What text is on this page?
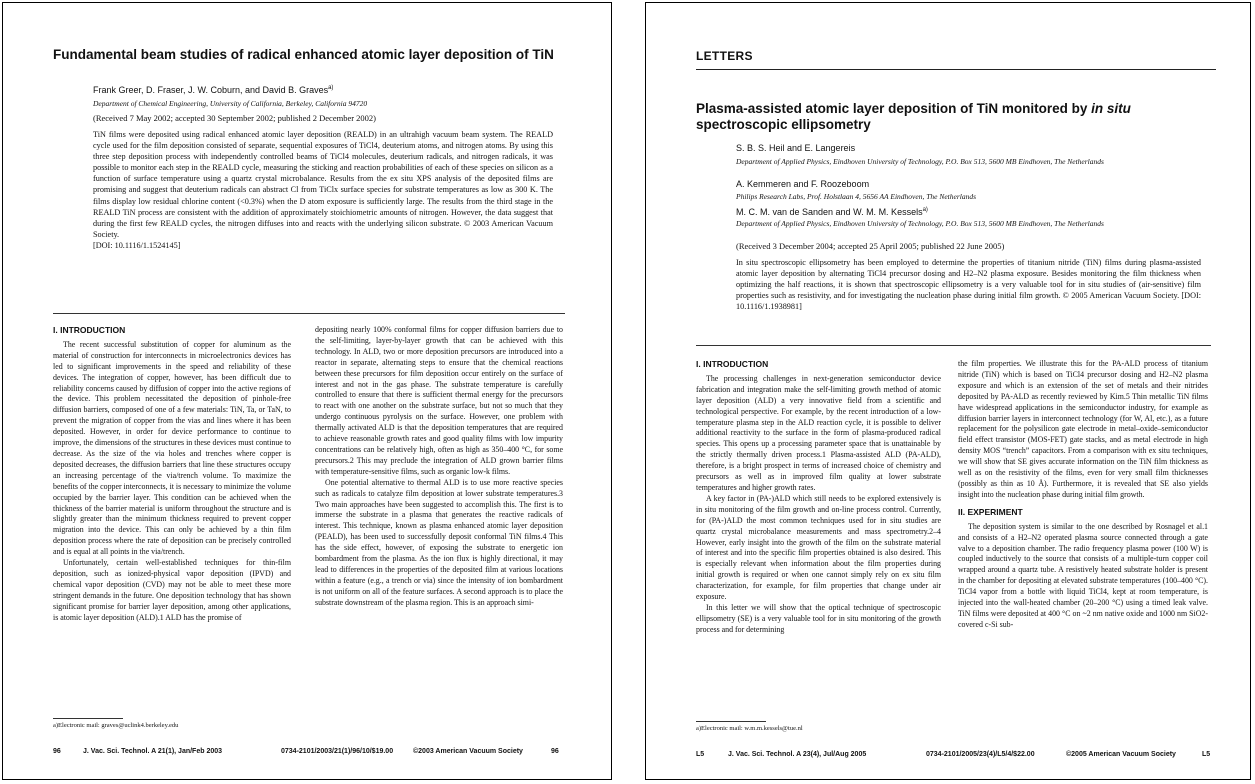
Fundamental beam studies of radical enhanced atomic layer deposition of TiN
Frank Greer, D. Fraser, J. W. Coburn, and David B. Graves$^{a)}$
Department of Chemical Engineering, University of California, Berkeley, California 94720
(Received 7 May 2002; accepted 30 September 2002; published 2 December 2002)

TiN films were deposited using radical enhanced atomic layer deposition (REALD) in an ultrahigh vacuum beam system. The REALD cycle used for the film deposition consisted of separate, sequential exposures of TiCl4, deuterium atoms, and nitrogen atoms. By using this three step deposition process with independently controlled beams of TiCl4 molecules, deuterium radicals, and nitrogen radicals, it was possible to monitor each step in the REALD cycle, measuring the sticking and reaction probabilities of each of these species on silicon as a function of surface temperature using a quartz crystal microbalance. Results from the ex situ XPS analysis of the deposited films are promising and suggest that deuterium radicals can abstract Cl from TiClx surface species for substrate temperatures as low as 300 K. The films display low residual chlorine content (<0.3%) when the D atom exposure is sufficiently large. The results from the third stage in the REALD TiN process are consistent with the addition of approximately stoichiometric amounts of nitrogen. However, the data suggest that during the first few REALD cycles, the nitrogen diffuses into and reacts with the underlying silicon substrate. © 2003 American Vacuum Society.

[DOI: 10.1116/1.1524145]

I. INTRODUCTION

The recent successful substitution of copper for aluminum as the material of construction for interconnects in microelectronics devices has led to significant improvements in the speed and reliability of these devices. The integration of copper, however, has been difficult due to reliability concerns caused by diffusion of copper into the active regions of the device. This problem necessitated the deposition of pinhole-free diffusion barriers, composed of one of a few materials: TiN, Ta, or TaN, to prevent the migration of copper from the vias and lines where it has been deposited. However, in order for device performance to continue to improve, the dimensions of the structures in these devices must continue to decrease. As the size of the via holes and trenches where copper is deposited decreases, the diffusion barriers that line these structures occupy an increasing percentage of the via/trench volume. To maximize the benefits of the copper interconnects, it is necessary to minimize the volume occupied by the barrier layer. This condition can be achieved when the thickness of the barrier material is uniform throughout the structure and is slightly greater than the minimum thickness required to prevent copper migration into the device. This can only be achieved by a thin film deposition process where the rate of deposition can be precisely controlled and is equal at all points in the via/trench.

Unfortunately, certain well-established techniques for thin-film deposition, such as ionized-physical vapor deposition (IPVD) and chemical vapor deposition (CVD) may not be able to meet these more stringent demands in the future. One deposition technology that has shown significant promise for barrier layer deposition, among other applications, is atomic layer deposition (ALD).1 ALD has the promise of

depositing nearly 100% conformal films for copper diffusion barriers due to the self-limiting, layer-by-layer growth that can be achieved with this technology. In ALD, two or more deposition precursors are introduced into a reactor in separate, alternating steps to ensure that the chemical reactions between these precursors for film deposition occur entirely on the surface of interest and not in the gas phase. The substrate temperature is carefully controlled to ensure that there is sufficient thermal energy for the precursors to react with one another on the substrate surface, but not so much that they undergo continuous pyrolysis on the surface. However, one problem with thermally activated ALD is that the deposition temperatures that are required to achieve reasonable growth rates and good quality films with low impurity concentrations can be relatively high, often as high as 350–400 °C, for some precursors.2 This may preclude the integration of ALD grown barrier films with temperature-sensitive films, such as organic low-k films.

One potential alternative to thermal ALD is to use more reactive species such as radicals to catalyze film deposition at lower substrate temperatures.3 Two main approaches have been suggested to accomplish this. The first is to immerse the substrate in a plasma that generates the reactive radicals of interest. This technique, known as plasma enhanced atomic layer deposition (PEALD), has been used to successfully deposit conformal TiN films.4 This has the side effect, however, of exposing the substrate to energetic ion bombardment from the plasma. As the ion flux is highly directional, it may lead to differences in the properties of the deposited film at various locations within a feature (e.g., a trench or via) since the intensity of ion bombardment is not uniform on all of the feature surfaces. A second approach is to place the substrate downstream of the plasma region. This is an approach simi-

a)Electronic mail: graves@uclink4.berkeley.edu
96	J. Vac. Sci. Technol. A 21(1), Jan/Feb 2003	0734-2101/2003/21(1)/96/10/$19.00	©2003 American Vacuum Society	96
LETTERS
Plasma-assisted atomic layer deposition of TiN monitored by in situ
spectroscopic ellipsometry
S. B. S. Heil and E. Langereis
Department of Applied Physics, Eindhoven University of Technology, P.O. Box 513, 5600 MB Eindhoven, The Netherlands
A. Kemmeren and F. Roozeboom
Philips Research Labs, Prof. Holstlaan 4, 5656 AA Eindhoven, The Netherlands
M. C. M. van de Sanden and W. M. M. Kessels$^{a)}$
Department of Applied Physics, Eindhoven University of Technology, P.O. Box 513, 5600 MB Eindhoven, The Netherlands
(Received 3 December 2004; accepted 25 April 2005; published 22 June 2005)

In situ spectroscopic ellipsometry has been employed to determine the properties of titanium nitride (TiN) films during plasma-assisted atomic layer deposition by alternating TiCl4 precursor dosing and H2–N2 plasma exposure. Besides monitoring the film thickness when optimizing the half reactions, it is shown that spectroscopic ellipsometry is a very valuable tool for in situ studies of (air-sensitive) film properties such as resistivity, and for investigating the nucleation phase during initial film growth. © 2005 American Vacuum Society. [DOI: 10.1116/1.1938981]

I. INTRODUCTION

The processing challenges in next-generation semiconductor device fabrication and integration make the self-limiting growth method of atomic layer deposition (ALD) a very innovative field from a scientific and technological perspective. For example, by the recent introduction of a low-temperature plasma step in the ALD reaction cycle, it is possible to deliver additional reactivity to the surface in the form of plasma-produced radical species. This opens up a processing parameter space that is unattainable by the strictly thermally driven process.1 Plasma-assisted ALD (PA-ALD), therefore, is a bright prospect in terms of increased choice of chemistry and precursors as well as in improved film quality at lower substrate temperatures and higher growth rates.

A key factor in (PA-)ALD which still needs to be explored extensively is in situ monitoring of the film growth and on-line process control. Currently, for (PA-)ALD the most common techniques used for in situ studies are quartz crystal microbalance measurements and mass spectrometry.2–4 However, early insight into the growth of the film on the substrate material of interest and into the specific film properties obtained is also desired. This is especially relevant when information about the film properties during initial growth is required or when one cannot simply rely on ex situ film characterization, for example, for film properties that change under air exposure.

In this letter we will show that the optical technique of spectroscopic ellipsometry (SE) is a very valuable tool for in situ monitoring of the growth process and for determining

the film properties. We illustrate this for the PA-ALD process of titanium nitride (TiN) which is based on TiCl4 precursor dosing and H2–N2 plasma exposure and which is an extension of the set of metals and their nitrides deposited by PA-ALD as recently reviewed by Kim.5 Thin metallic TiN films have widespread applications in the semiconductor industry, for example as diffusion barrier layers in interconnect technology (for W, Al, etc.), as a future replacement for the polysilicon gate electrode in metal–oxide–semiconductor field effect transistor (MOS-FET) gate stacks, and as metal electrode in high density MOS “trench” capacitors. From a comparison with ex situ techniques, we will show that SE gives accurate information on the TiN film thickness as well as on the resistivity of the films, even for very small film thicknesses (possibly as thin as 10 Å). Furthermore, it is revealed that SE also yields insight into the nucleation phase during initial film growth.

II. EXPERIMENT

The deposition system is similar to the one described by Rosnagel et al.1 and consists of a H2–N2 operated plasma source connected through a gate valve to a deposition chamber. The radio frequency plasma power (100 W) is coupled inductively to the source that consists of a multiple-turn copper coil wrapped around a quartz tube. A resistively heated substrate holder is present in the chamber for depositing at elevated substrate temperatures (100–400 °C). TiCl4 vapor from a bottle with liquid TiCl4, kept at room temperature, is injected into the wall-heated chamber (20–200 °C) using a timed leak valve. TiN films were deposited at 400 °C on ~2 nm native oxide and 1000 nm SiO2-covered c-Si sub-

a)Electronic mail: w.m.m.kessels@tue.nl
L5	J. Vac. Sci. Technol. A 23(4), Jul/Aug 2005	0734-2101/2005/23(4)/L5/4/$22.00	©2005 American Vacuum Society	L5
